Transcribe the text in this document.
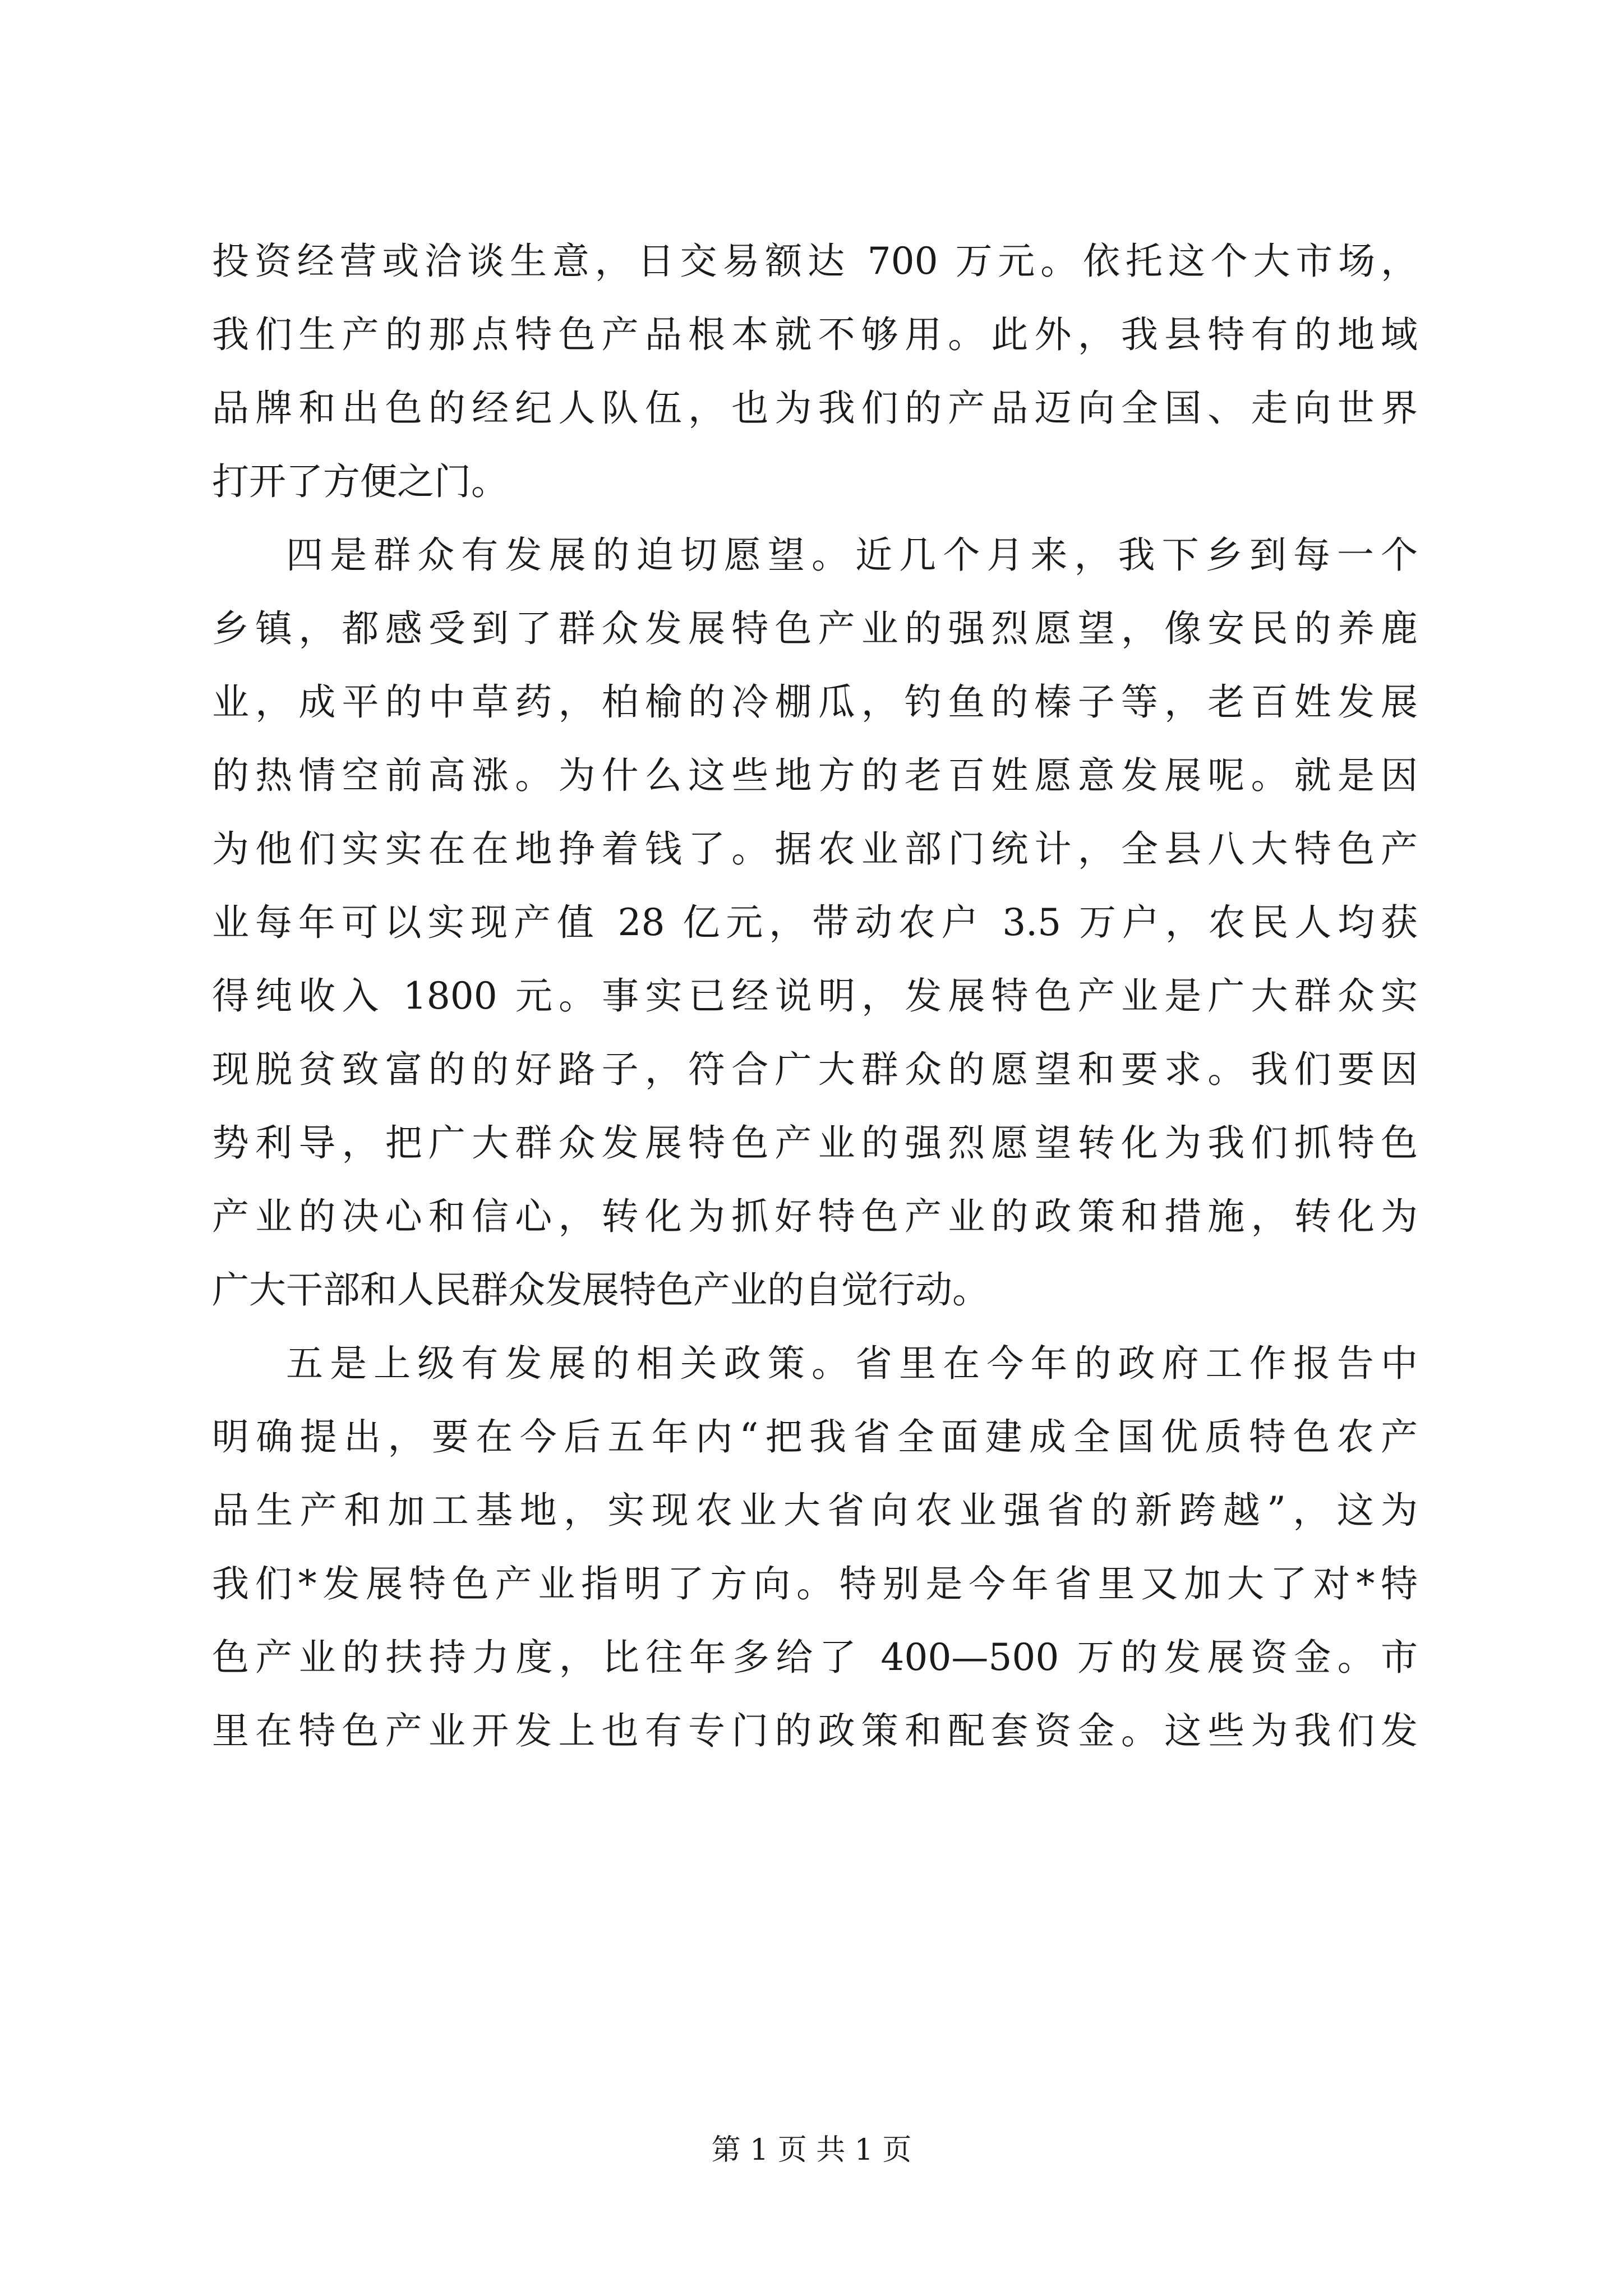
投资经营或洽谈生意，日交易额达 700 万元。依托这个大市场，
我们生产的那点特色产品根本就不够用。此外，我县特有的地域
品牌和出色的经纪人队伍，也为我们的产品迈向全国、走向世界
打开了方便之门。

四是群众有发展的迫切愿望。近几个月来，我下乡到每一个
乡镇，都感受到了群众发展特色产业的强烈愿望，像安民的养鹿
业，成平的中草药，柏榆的冷棚瓜，钓鱼的榛子等，老百姓发展
的热情空前高涨。为什么这些地方的老百姓愿意发展呢。就是因
为他们实实在在地挣着钱了。据农业部门统计，全县八大特色产
业每年可以实现产值 28 亿元，带动农户 3.5 万户，农民人均获
得纯收入 1800 元。事实已经说明，发展特色产业是广大群众实
现脱贫致富的的好路子，符合广大群众的愿望和要求。我们要因
势利导，把广大群众发展特色产业的强烈愿望转化为我们抓特色
产业的决心和信心，转化为抓好特色产业的政策和措施，转化为
广大干部和人民群众发展特色产业的自觉行动。

五是上级有发展的相关政策。省里在今年的政府工作报告中
明确提出，要在今后五年内“把我省全面建成全国优质特色农产
品生产和加工基地，实现农业大省向农业强省的新跨越”，这为
我们*发展特色产业指明了方向。特别是今年省里又加大了对*特
色产业的扶持力度，比往年多给了 400—500 万的发展资金。市
里在特色产业开发上也有专门的政策和配套资金。这些为我们发

第 1 页 共 1 页
